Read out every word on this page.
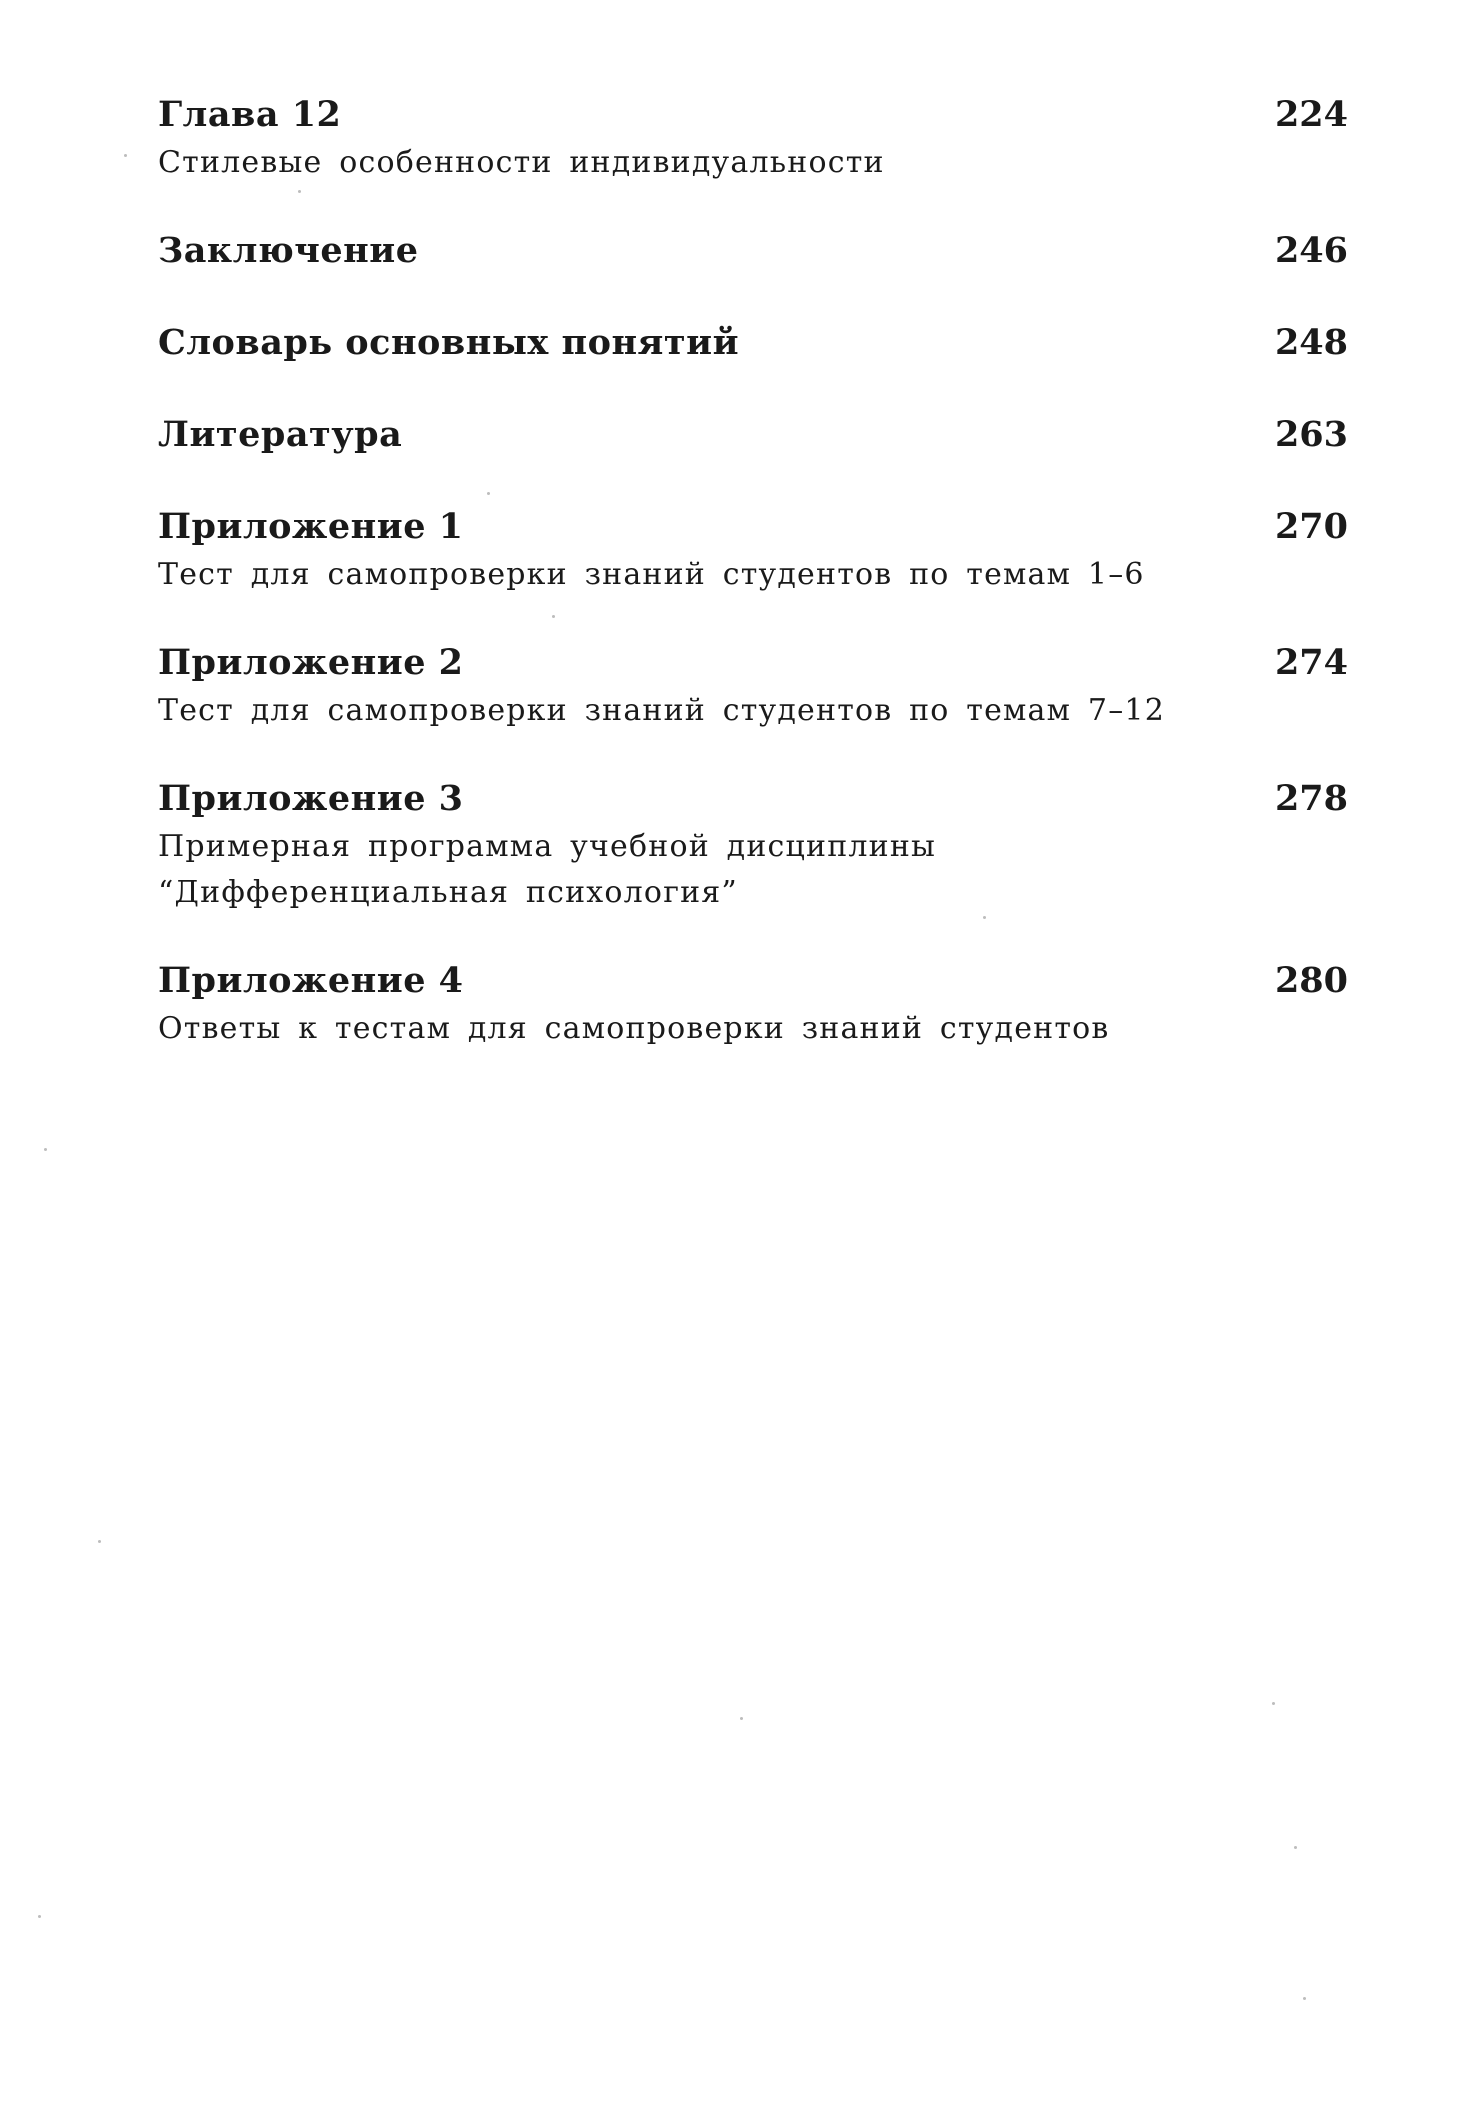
Глава 12	224
Стилевые особенности индивидуальности
Заключение	246
Словарь основных понятий	248
Литература	263
Приложение 1	270
Тест для самопроверки знаний студентов по темам 1–6
Приложение 2	274
Тест для самопроверки знаний студентов по темам 7–12
Приложение 3	278
Примерная программа учебной дисциплины
“Дифференциальная психология”
Приложение 4	280
Ответы к тестам для самопроверки знаний студентов
